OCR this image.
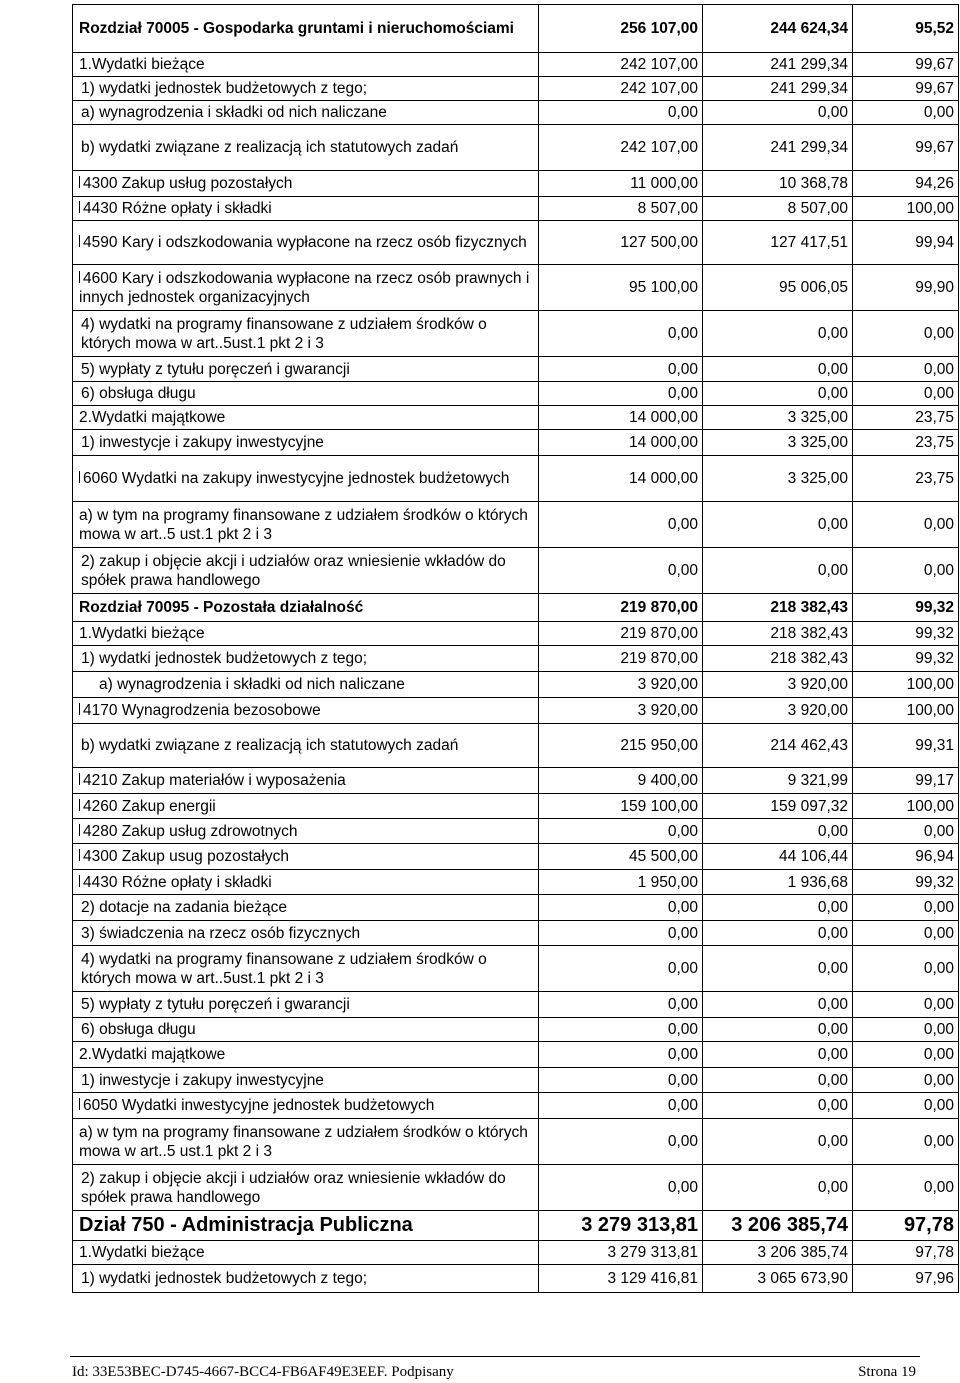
Rozdział 70005 - Gospodarka gruntami i nieruchomościami	256 107,00	244 624,34	95,52
1.Wydatki bieżące	242 107,00	241 299,34	99,67
1) wydatki jednostek budżetowych z tego;	242 107,00	241 299,34	99,67
a) wynagrodzenia i składki od nich naliczane	0,00	0,00	0,00
b) wydatki związane z realizacją ich statutowych zadań	242 107,00	241 299,34	99,67
4300 Zakup usług pozostałych	11 000,00	10 368,78	94,26
4430 Różne opłaty i składki	8 507,00	8 507,00	100,00
4590 Kary i odszkodowania wypłacone na rzecz osób fizycznych	127 500,00	127 417,51	99,94
4600 Kary i odszkodowania wypłacone na rzecz osób prawnych i innych jednostek organizacyjnych	95 100,00	95 006,05	99,90
4) wydatki na programy finansowane z udziałem środków o których mowa w art..5ust.1 pkt 2 i 3	0,00	0,00	0,00
5) wypłaty z tytułu poręczeń i gwarancji	0,00	0,00	0,00
6) obsługa długu	0,00	0,00	0,00
2.Wydatki majątkowe	14 000,00	3 325,00	23,75
1) inwestycje i zakupy inwestycyjne	14 000,00	3 325,00	23,75
6060 Wydatki na zakupy inwestycyjne jednostek budżetowych	14 000,00	3 325,00	23,75
a) w tym na programy finansowane z udziałem środków o których mowa w art..5 ust.1 pkt 2 i 3	0,00	0,00	0,00
2) zakup i objęcie akcji i udziałów oraz wniesienie wkładów do spółek prawa handlowego	0,00	0,00	0,00
Rozdział 70095 - Pozostała działalność	219 870,00	218 382,43	99,32
1.Wydatki bieżące	219 870,00	218 382,43	99,32
1) wydatki jednostek budżetowych z tego;	219 870,00	218 382,43	99,32
a) wynagrodzenia i składki od nich naliczane	3 920,00	3 920,00	100,00
4170 Wynagrodzenia bezosobowe	3 920,00	3 920,00	100,00
b) wydatki związane z realizacją ich statutowych zadań	215 950,00	214 462,43	99,31
4210 Zakup materiałów i wyposażenia	9 400,00	9 321,99	99,17
4260 Zakup energii	159 100,00	159 097,32	100,00
4280 Zakup usług zdrowotnych	0,00	0,00	0,00
4300 Zakup usug pozostałych	45 500,00	44 106,44	96,94
4430 Różne opłaty i składki	1 950,00	1 936,68	99,32
2) dotacje na zadania bieżące	0,00	0,00	0,00
3) świadczenia na rzecz osób fizycznych	0,00	0,00	0,00
4) wydatki na programy finansowane z udziałem środków o których mowa w art..5ust.1 pkt 2 i 3	0,00	0,00	0,00
5) wypłaty z tytułu poręczeń i gwarancji	0,00	0,00	0,00
6) obsługa długu	0,00	0,00	0,00
2.Wydatki majątkowe	0,00	0,00	0,00
1) inwestycje i zakupy inwestycyjne	0,00	0,00	0,00
6050 Wydatki inwestycyjne jednostek budżetowych	0,00	0,00	0,00
a) w tym na programy finansowane z udziałem środków o których mowa w art..5 ust.1 pkt 2 i 3	0,00	0,00	0,00
2) zakup i objęcie akcji i udziałów oraz wniesienie wkładów do spółek prawa handlowego	0,00	0,00	0,00
Dział 750 - Administracja Publiczna	3 279 313,81	3 206 385,74	97,78
1.Wydatki bieżące	3 279 313,81	3 206 385,74	97,78
1) wydatki jednostek budżetowych z tego;	3 129 416,81	3 065 673,90	97,96
Id: 33E53BEC-D745-4667-BCC4-FB6AF49E3EEF. Podpisany	Strona 19
